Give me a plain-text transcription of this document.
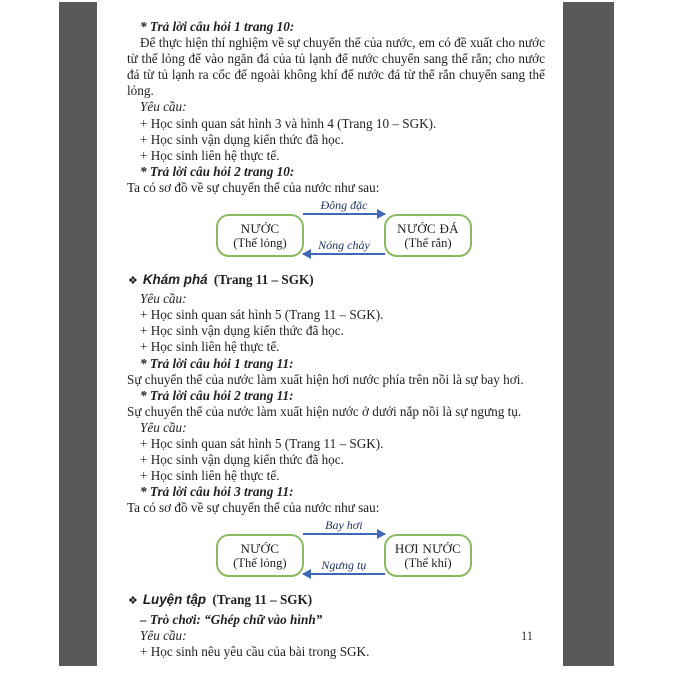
* Trả lời câu hỏi 1 trang 10:
Để thực hiện thí nghiệm về sự chuyển thể của nước, em có đề xuất cho nước từ thể lỏng để vào ngăn đá của tủ lạnh để nước chuyển sang thể rắn; cho nước đá từ tủ lạnh ra cốc để ngoài không khí để nước đá từ thể rắn chuyển sang thể lỏng.
Yêu cầu:
+ Học sinh quan sát hình 3 và hình 4 (Trang 10 – SGK).
+ Học sinh vận dụng kiến thức đã học.
+ Học sinh liên hệ thực tế.
* Trả lời câu hỏi 2 trang 10:
Ta có sơ đồ về sự chuyển thể của nước như sau:
NƯỚC
(Thể lỏng)
Đông đặc
Nóng chảy
NƯỚC ĐÁ
(Thể rắn)
❖ Khám phá (Trang 11 – SGK)
Yêu cầu:
+ Học sinh quan sát hình 5 (Trang 11 – SGK).
+ Học sinh vận dụng kiến thức đã học.
+ Học sinh liên hệ thực tế.
* Trả lời câu hỏi 1 trang 11:
Sự chuyển thể của nước làm xuất hiện hơi nước phía trên nồi là sự bay hơi.
* Trả lời câu hỏi 2 trang 11:
Sự chuyển thể của nước làm xuất hiện nước ở dưới nắp nồi là sự ngưng tụ.
Yêu cầu:
+ Học sinh quan sát hình 5 (Trang 11 – SGK).
+ Học sinh vận dụng kiến thức đã học.
+ Học sinh liên hệ thực tế.
* Trả lời câu hỏi 3 trang 11:
Ta có sơ đồ về sự chuyển thể của nước như sau:
NƯỚC
(Thể lỏng)
Bay hơi
Ngưng tụ
HƠI NƯỚC
(Thể khí)
❖ Luyện tập (Trang 11 – SGK)
– Trò chơi: “Ghép chữ vào hình”
Yêu cầu:
+ Học sinh nêu yêu cầu của bài trong SGK.
11
